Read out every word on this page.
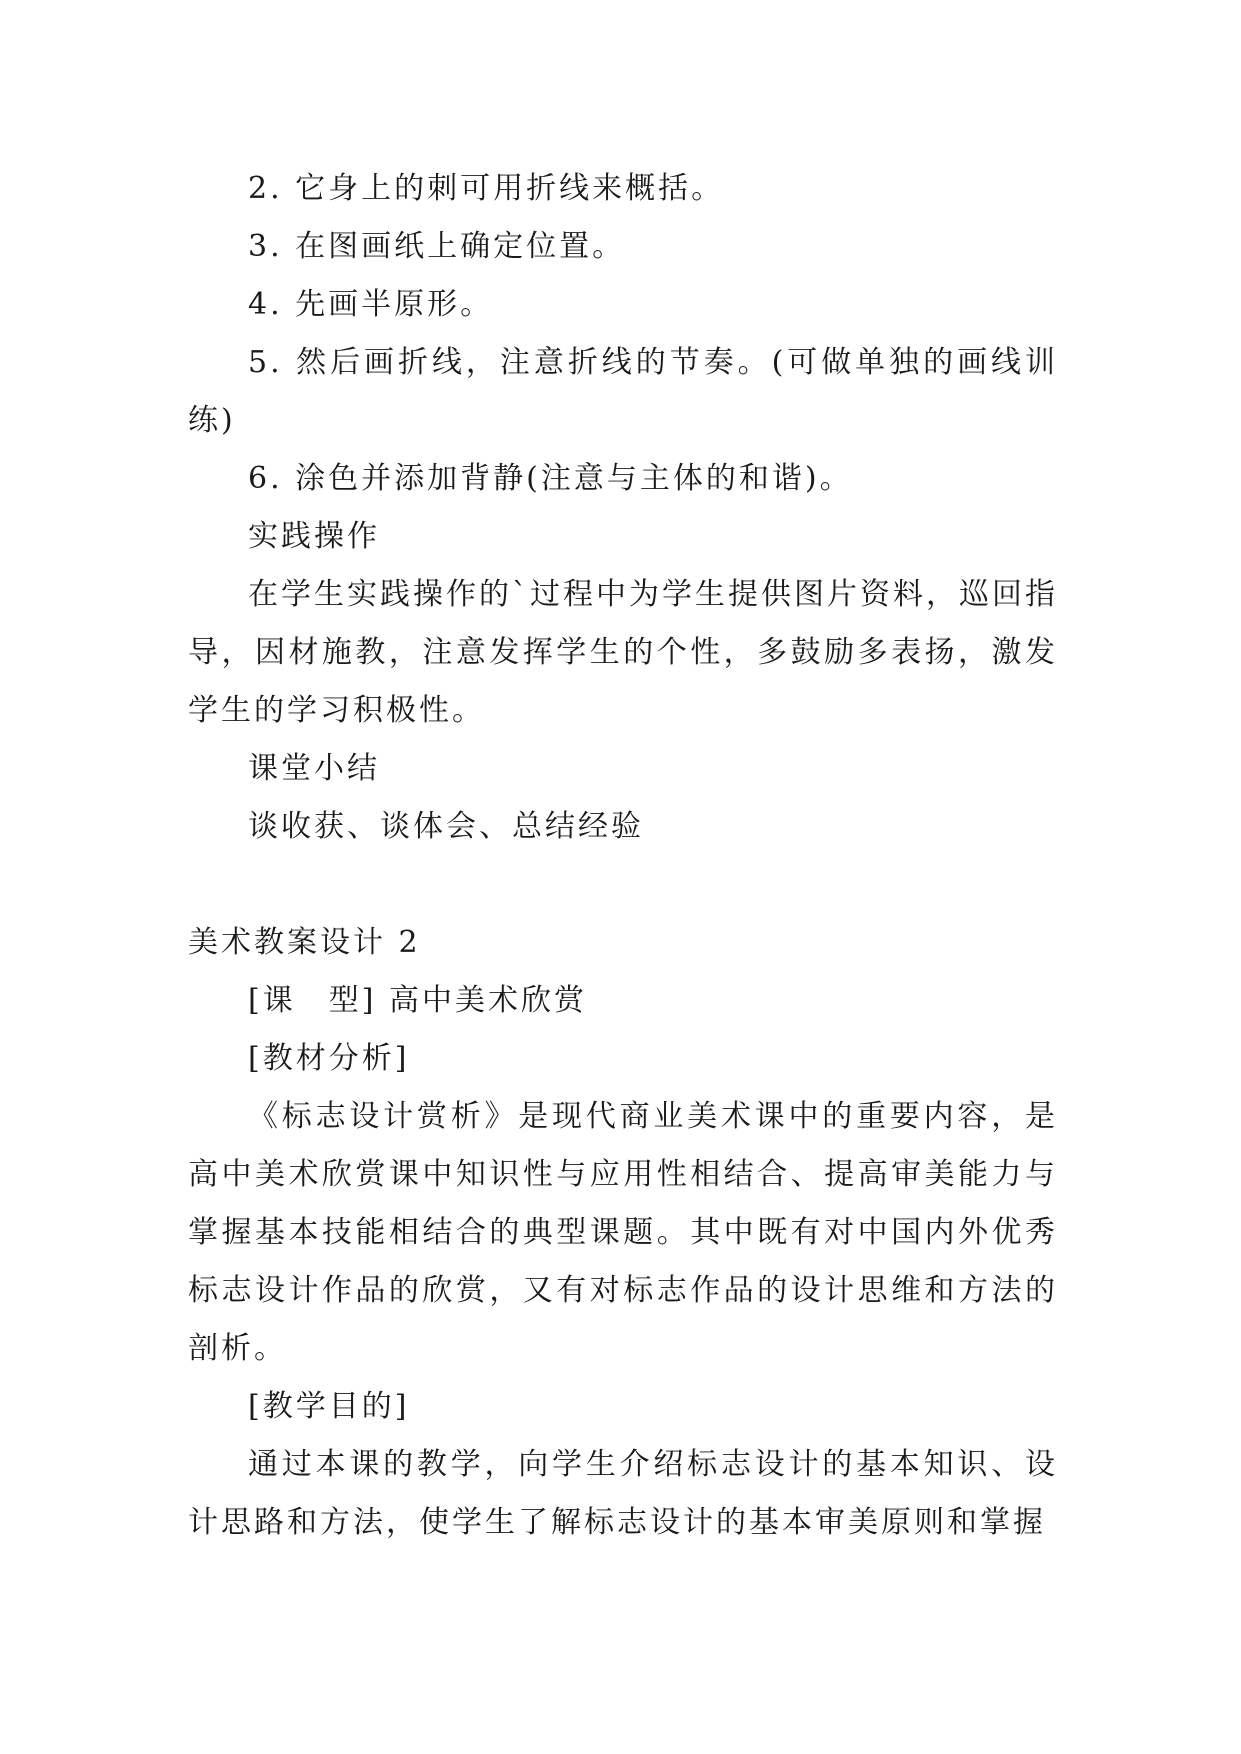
2. 它身上的刺可用折线来概括。

3. 在图画纸上确定位置。

4. 先画半原形。

5. 然后画折线，注意折线的节奏。(可做单独的画线训练)

6. 涂色并添加背静(注意与主体的和谐)。

实践操作

在学生实践操作的`过程中为学生提供图片资料，巡回指导，因材施教，注意发挥学生的个性，多鼓励多表扬，激发学生的学习积极性。

课堂小结

谈收获、谈体会、总结经验

美术教案设计 2

[课　型] 高中美术欣赏

[教材分析]

《标志设计赏析》是现代商业美术课中的重要内容，是高中美术欣赏课中知识性与应用性相结合、提高审美能力与掌握基本技能相结合的典型课题。其中既有对中国内外优秀标志设计作品的欣赏，又有对标志作品的设计思维和方法的剖析。

[教学目的]

通过本课的教学，向学生介绍标志设计的基本知识、设计思路和方法，使学生了解标志设计的基本审美原则和掌握
